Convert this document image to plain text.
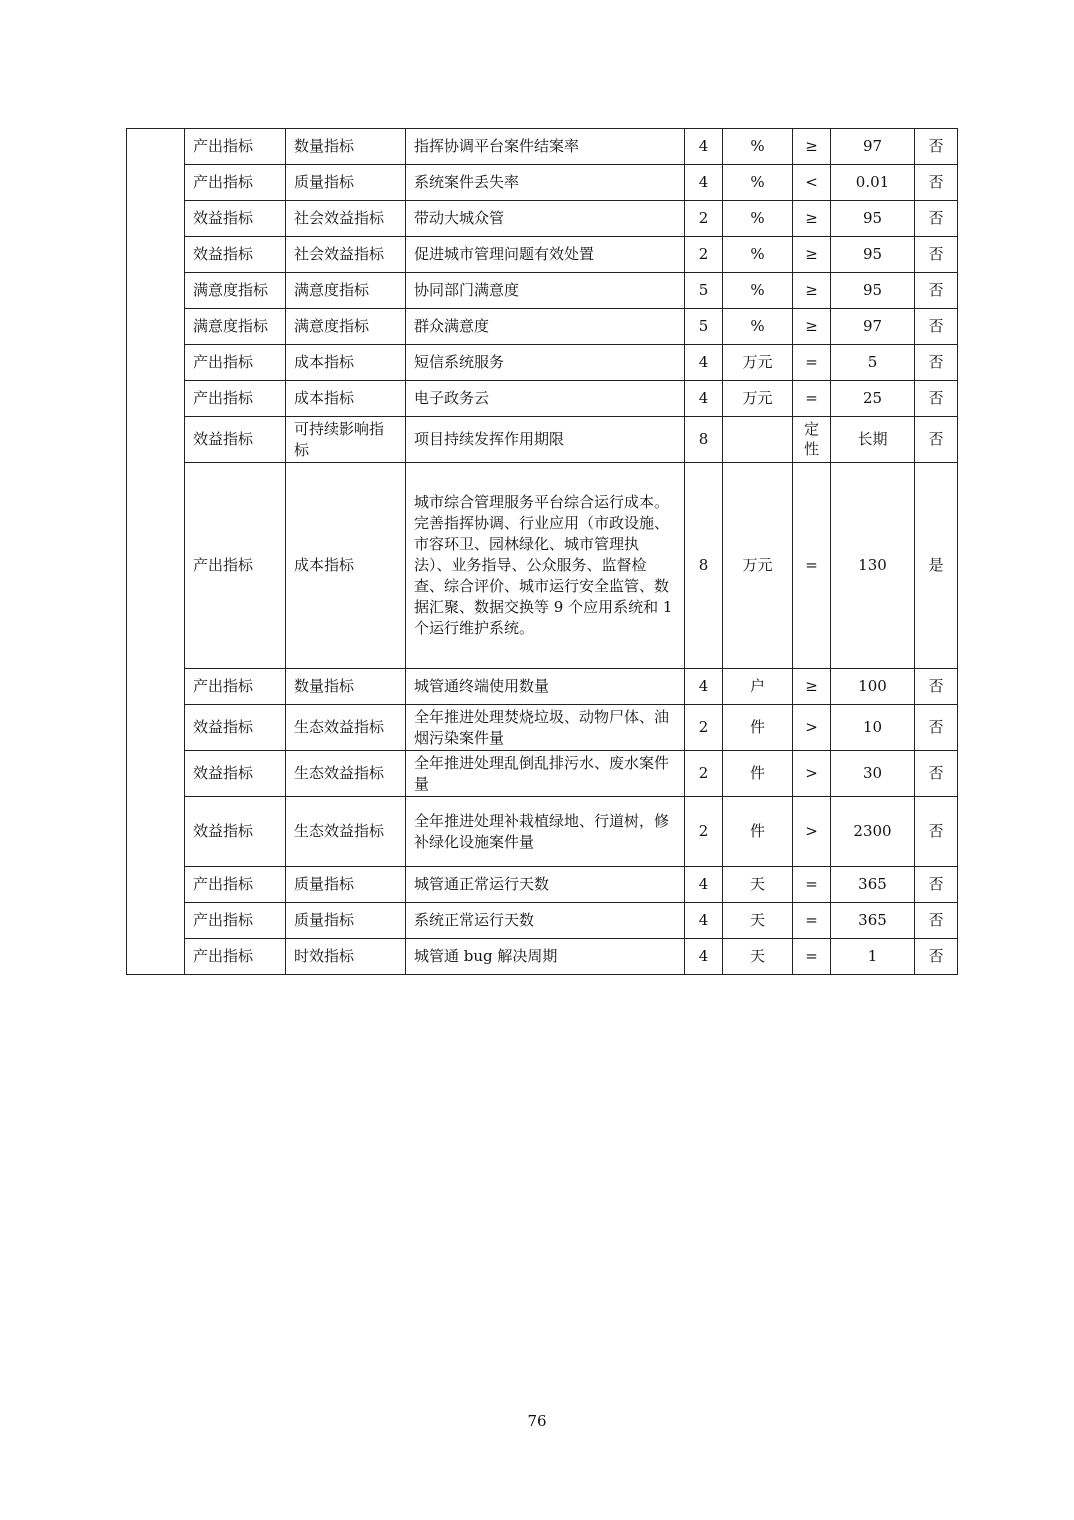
	产出指标	数量指标	指挥协调平台案件结案率	4	%	≥	97	否
	产出指标	质量指标	系统案件丢失率	4	%	<	0.01	否
	效益指标	社会效益指标	带动大城众管	2	%	≥	95	否
	效益指标	社会效益指标	促进城市管理问题有效处置	2	%	≥	95	否
	满意度指标	满意度指标	协同部门满意度	5	%	≥	95	否
	满意度指标	满意度指标	群众满意度	5	%	≥	97	否
	产出指标	成本指标	短信系统服务	4	万元	=	5	否
	产出指标	成本指标	电子政务云	4	万元	=	25	否
	效益指标	可持续影响指标	项目持续发挥作用期限	8		定性	长期	否
	产出指标	成本指标	城市综合管理服务平台综合运行成本。完善指挥协调、行业应用（市政设施、市容环卫、园林绿化、城市管理执法）、业务指导、公众服务、监督检查、综合评价、城市运行安全监管、数据汇聚、数据交换等 9 个应用系统和 1 个运行维护系统。	8	万元	=	130	是
	产出指标	数量指标	城管通终端使用数量	4	户	≥	100	否
	效益指标	生态效益指标	全年推进处理焚烧垃圾、动物尸体、油烟污染案件量	2	件	>	10	否
	效益指标	生态效益指标	全年推进处理乱倒乱排污水、废水案件量	2	件	>	30	否
	效益指标	生态效益指标	全年推进处理补栽植绿地、行道树，修补绿化设施案件量	2	件	>	2300	否
	产出指标	质量指标	城管通正常运行天数	4	天	=	365	否
	产出指标	质量指标	系统正常运行天数	4	天	=	365	否
	产出指标	时效指标	城管通 bug 解决周期	4	天	=	1	否
76
